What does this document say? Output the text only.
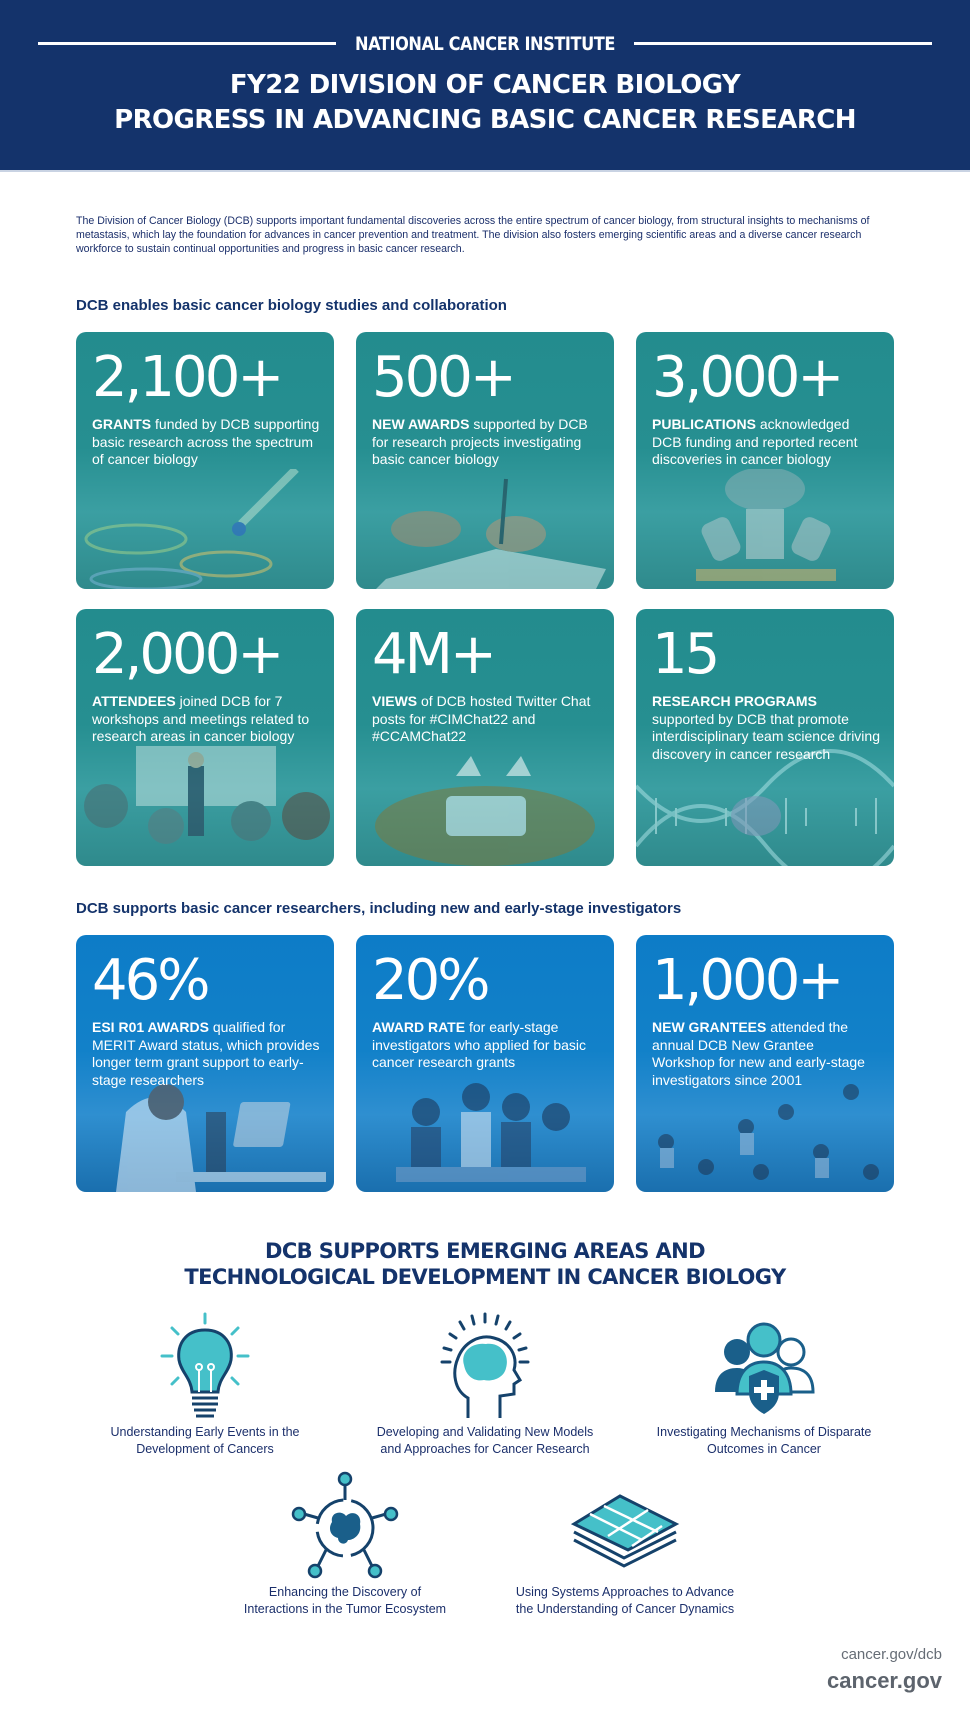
NATIONAL CANCER INSTITUTE
FY22 DIVISION OF CANCER BIOLOGY
PROGRESS IN ADVANCING BASIC CANCER RESEARCH

The Division of Cancer Biology (DCB) supports important fundamental discoveries across the entire spectrum of cancer biology, from structural insights to mechanisms of metastasis, which lay the foundation for advances in cancer prevention and treatment. The division also fosters emerging scientific areas and a diverse cancer research workforce to sustain continual opportunities and progress in basic cancer research.

DCB enables basic cancer biology studies and collaboration
2,100+
GRANTS funded by DCB supporting basic research across the spectrum of cancer biology
500+
NEW AWARDS supported by DCB for research projects investigating basic cancer biology
3,000+
PUBLICATIONS acknowledged DCB funding and reported recent discoveries in cancer biology
2,000+
ATTENDEES joined DCB for 7 workshops and meetings related to research areas in cancer biology
4M+
VIEWS of DCB hosted Twitter Chat posts for #CIMChat22 and #CCAMChat22
15
RESEARCH PROGRAMS supported by DCB that promote interdisciplinary team science driving discovery in cancer research
DCB supports basic cancer researchers, including new and early-stage investigators
46%
ESI R01 AWARDS qualified for MERIT Award status, which provides longer term grant support to early-stage researchers
20%
AWARD RATE for early-stage investigators who applied for basic cancer research grants
1,000+
NEW GRANTEES attended the annual DCB New Grantee Workshop for new and early-stage investigators since 2001
DCB SUPPORTS EMERGING AREAS AND
TECHNOLOGICAL DEVELOPMENT IN CANCER BIOLOGY
Understanding Early Events in the Development of Cancers
Developing and Validating New Models and Approaches for Cancer Research
Investigating Mechanisms of Disparate Outcomes in Cancer
Enhancing the Discovery of Interactions in the Tumor Ecosystem
Using Systems Approaches to Advance the Understanding of Cancer Dynamics
cancer.gov/dcb
cancer.gov
